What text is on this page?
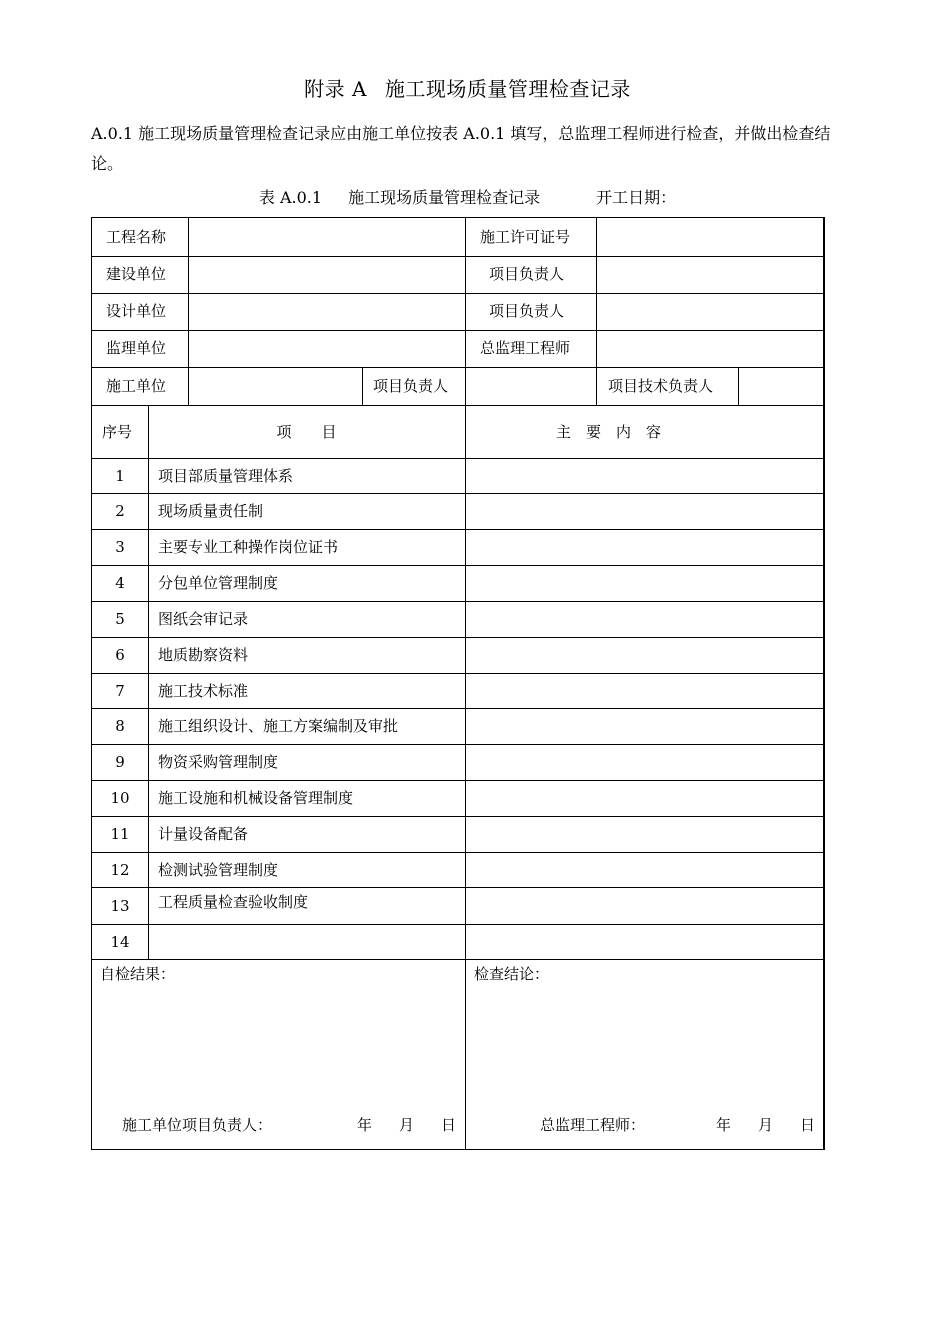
附录 A 施工现场质量管理检查记录
A.0.1 施工现场质量管理检查记录应由施工单位按表 A.0.1 填写，总监理工程师进行检查，并做出检查结论。
表 A.0.1 施工现场质量管理检查记录	开工日期：
工程名称	施工许可证号
建设单位	项目负责人
设计单位	项目负责人
监理单位	总监理工程师
施工单位	项目负责人	项目技术负责人
序号	项　　目	主　要　内　容
1	项目部质量管理体系
2	现场质量责任制
3	主要专业工种操作岗位证书
4	分包单位管理制度
5	图纸会审记录
6	地质勘察资料
7	施工技术标准
8	施工组织设计、施工方案编制及审批
9	物资采购管理制度
10	施工设施和机械设备管理制度
11	计量设备配备
12	检测试验管理制度
13	工程质量检查验收制度
14
自检结果：	检查结论：
施工单位项目负责人：	年 月 日	总监理工程师：	年 月 日
